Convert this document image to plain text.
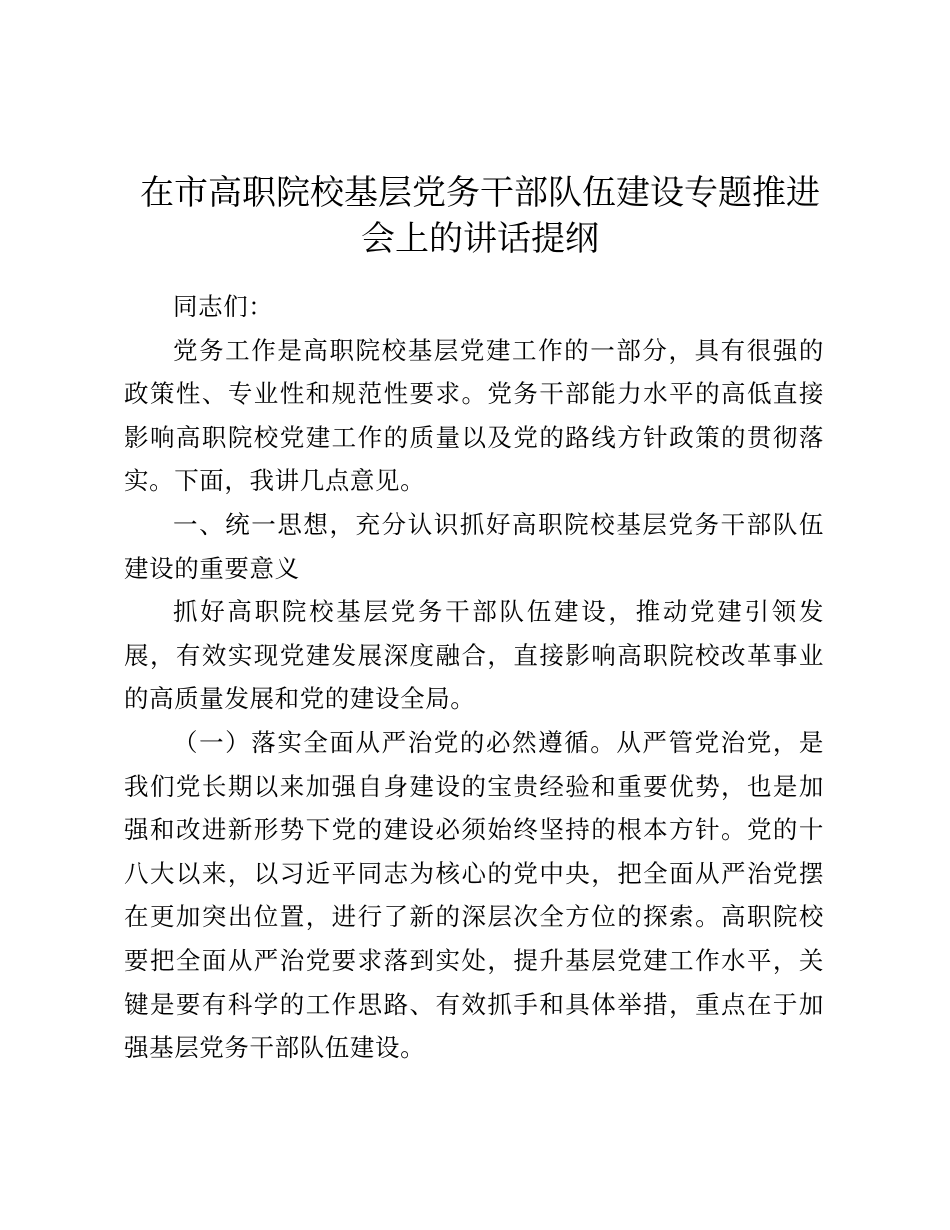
在市高职院校基层党务干部队伍建设专题推进会上的讲话提纲

同志们：

党务工作是高职院校基层党建工作的一部分，具有很强的政策性、专业性和规范性要求。党务干部能力水平的高低直接影响高职院校党建工作的质量以及党的路线方针政策的贯彻落实。下面，我讲几点意见。

一、统一思想，充分认识抓好高职院校基层党务干部队伍建设的重要意义

抓好高职院校基层党务干部队伍建设，推动党建引领发展，有效实现党建发展深度融合，直接影响高职院校改革事业的高质量发展和党的建设全局。

（一）落实全面从严治党的必然遵循。从严管党治党，是我们党长期以来加强自身建设的宝贵经验和重要优势，也是加强和改进新形势下党的建设必须始终坚持的根本方针。党的十八大以来，以习近平同志为核心的党中央，把全面从严治党摆在更加突出位置，进行了新的深层次全方位的探索。高职院校要把全面从严治党要求落到实处，提升基层党建工作水平，关键是要有科学的工作思路、有效抓手和具体举措，重点在于加强基层党务干部队伍建设。
